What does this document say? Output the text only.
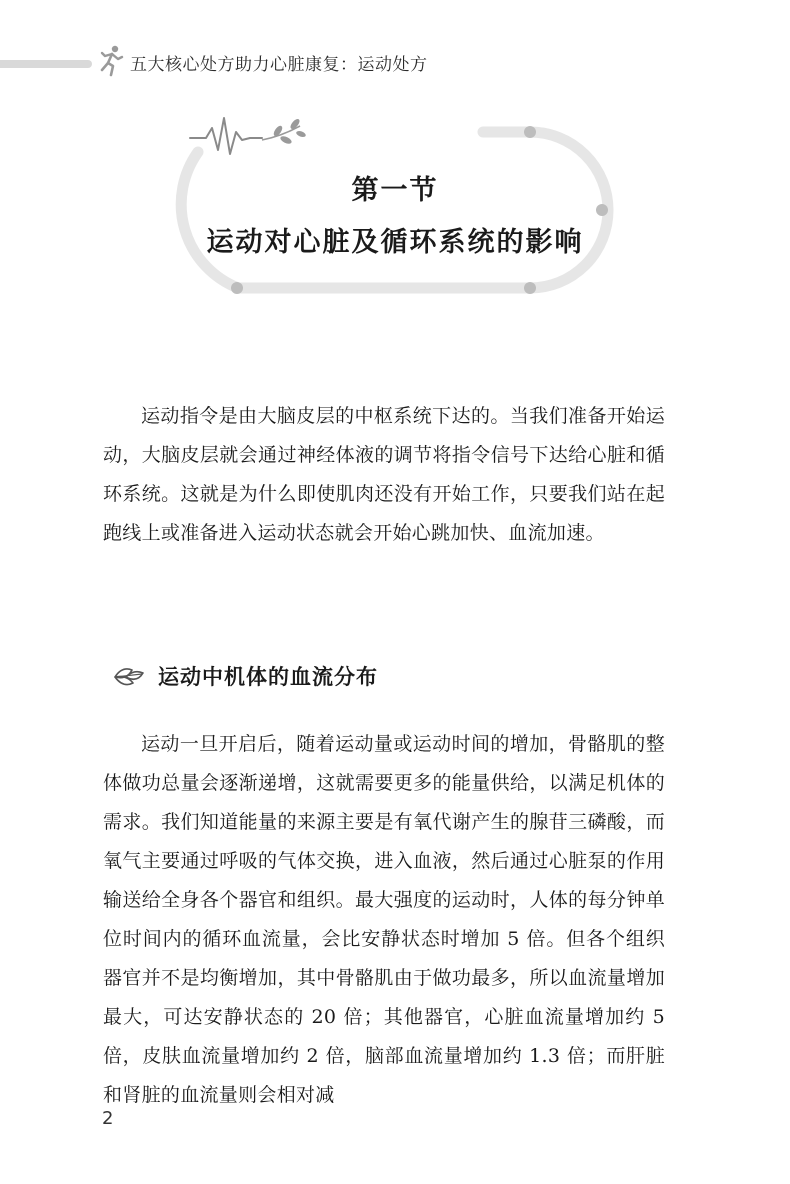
五大核心处方助力心脏康复：运动处方
第一节
运动对心脏及循环系统的影响

运动指令是由大脑皮层的中枢系统下达的。当我们准备开始运动，大脑皮层就会通过神经体液的调节将指令信号下达给心脏和循环系统。这就是为什么即使肌肉还没有开始工作，只要我们站在起跑线上或准备进入运动状态就会开始心跳加快、血流加速。

运动中机体的血流分布

运动一旦开启后，随着运动量或运动时间的增加，骨骼肌的整体做功总量会逐渐递增，这就需要更多的能量供给，以满足机体的需求。我们知道能量的来源主要是有氧代谢产生的腺苷三磷酸，而氧气主要通过呼吸的气体交换，进入血液，然后通过心脏泵的作用输送给全身各个器官和组织。最大强度的运动时，人体的每分钟单位时间内的循环血流量，会比安静状态时增加 5 倍。但各个组织器官并不是均衡增加，其中骨骼肌由于做功最多，所以血流量增加最大，可达安静状态的 20 倍；其他器官，心脏血流量增加约 5 倍，皮肤血流量增加约 2 倍，脑部血流量增加约 1.3 倍；而肝脏和肾脏的血流量则会相对减

2
